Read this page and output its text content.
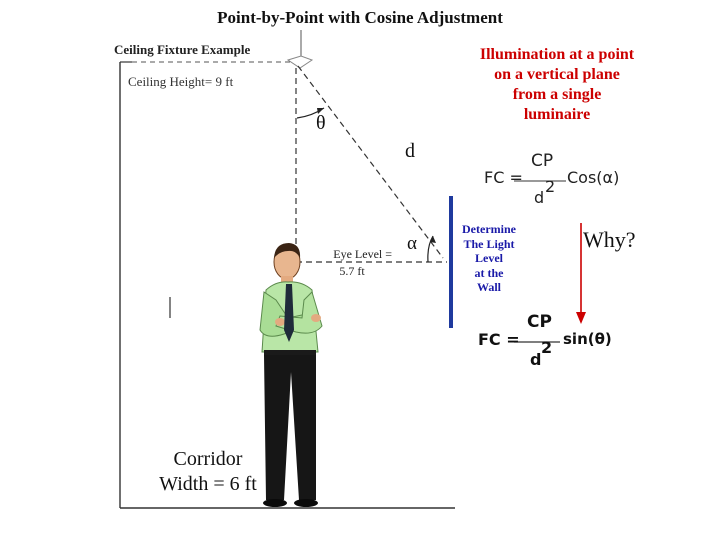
Point-by-Point with Cosine Adjustment
Ceiling Fixture Example
Ceiling Height= 9 ft
Illumination at a point
on a vertical plane
from a single
luminaire
θ
d
α
Eye Level =
5.7 ft
Determine
The Light
Level
at the
Wall
FC =
CP
d
2 Cos(α)
Why?
FC =
CP
d
2 sin(θ)
Corridor
Width = 6 ft
